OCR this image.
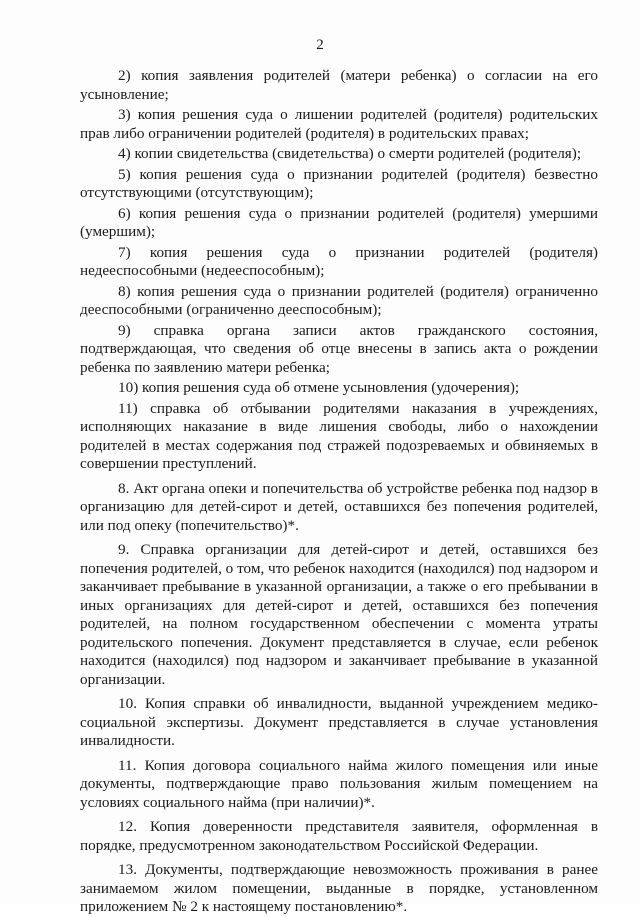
2

2) копия заявления родителей (матери ребенка) о согласии на его усыновление;

3) копия решения суда о лишении родителей (родителя) родительских прав либо ограничении родителей (родителя) в родительских правах;

4) копии свидетельства (свидетельства) о смерти родителей (родителя);

5) копия решения суда о признании родителей (родителя) безвестно отсутствующими (отсутствующим);

6) копия решения суда о признании родителей (родителя) умершими (умершим);

7) копия решения суда о признании родителей (родителя) недееспособными (недееспособным);

8) копия решения суда о признании родителей (родителя) ограниченно дееспособными (ограниченно дееспособным);

9) справка органа записи актов гражданского состояния, подтверждающая, что сведения об отце внесены в запись акта о рождении ребенка по заявлению матери ребенка;

10) копия решения суда об отмене усыновления (удочерения);

11) справка об отбывании родителями наказания в учреждениях, исполняющих наказание в виде лишения свободы, либо о нахождении родителей в местах содержания под стражей подозреваемых и обвиняемых в совершении преступлений.

8. Акт органа опеки и попечительства об устройстве ребенка под надзор в организацию для детей-сирот и детей, оставшихся без попечения родителей, или под опеку (попечительство)*.

9. Справка организации для детей-сирот и детей, оставшихся без попечения родителей, о том, что ребенок находится (находился) под надзором и заканчивает пребывание в указанной организации, а также о его пребывании в иных организациях для детей-сирот и детей, оставшихся без попечения родителей, на полном государственном обеспечении с момента утраты родительского попечения. Документ представляется в случае, если ребенок находится (находился) под надзором и заканчивает пребывание в указанной организации.

10. Копия справки об инвалидности, выданной учреждением медико-социальной экспертизы. Документ представляется в случае установления инвалидности.

11. Копия договора социального найма жилого помещения или иные документы, подтверждающие право пользования жилым помещением на условиях социального найма (при наличии)*.

12. Копия доверенности представителя заявителя, оформленная в порядке, предусмотренном законодательством Российской Федерации.

13. Документы, подтверждающие невозможность проживания в ранее занимаемом жилом помещении, выданные в порядке, установленном приложением № 2 к настоящему постановлению*.
